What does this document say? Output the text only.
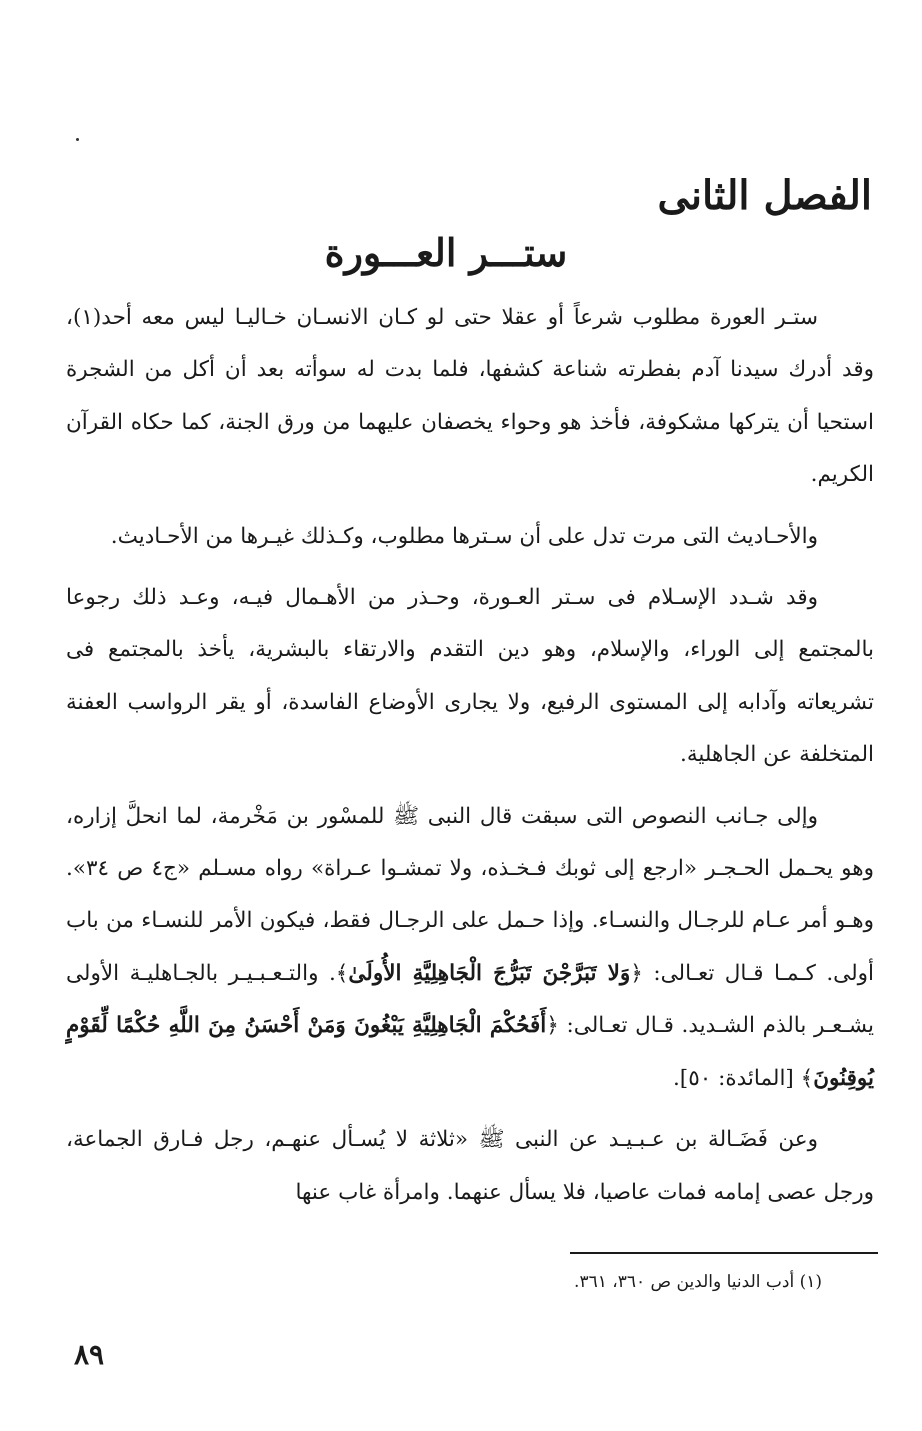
الفصل الثانى
ستـــر العـــورة

ستـر العورة مطلوب شرعاً أو عقلا حتى لو كـان الانسـان خـاليـا ليس معه أحد(١)، وقد أدرك سيدنا آدم بفطرته شناعة كشفها، فلما بدت له سوأته بعد أن أكل من الشجرة استحيا أن يتركها مشكوفة، فأخذ هو وحواء يخصفان عليهما من ورق الجنة، كما حكاه القرآن الكريم.

والأحـاديث التى مرت تدل على أن سـترها مطلوب، وكـذلك غيـرها من الأحـاديث.

وقد شـدد الإسـلام فى سـتر العـورة، وحـذر من الأهـمال فيـه، وعـد ذلك رجوعا بالمجتمع إلى الوراء، والإسلام، وهو دين التقدم والارتقاء بالبشرية، يأخذ بالمجتمع فى تشريعاته وآدابه إلى المستوى الرفيع، ولا يجارى الأوضاع الفاسدة، أو يقر الرواسب العفنة المتخلفة عن الجاهلية.

وإلى جـانب النصوص التى سبقت قال النبى ﷺ للمسْور بن مَخْرمة، لما انحلَّ إزاره، وهو يحـمل الحـجـر «ارجع إلى ثوبك فـخـذه، ولا تمشـوا عـراة» رواه مسـلم «ج٤ ص ٣٤». وهـو أمر عـام للرجـال والنسـاء. وإذا حـمل على الرجـال فقط، فيكون الأمر للنسـاء من باب أولى. كـمـا قـال تعـالى: ﴿وَلا تَبَرَّجْنَ تَبَرُّجَ الْجَاهِلِيَّةِ الأُولَىٰ﴾. والتـعـبـيـر بالجـاهليـة الأولى يشـعـر بالذم الشـديد. قـال تعـالى: ﴿أَفَحُكْمَ الْجَاهِلِيَّةِ يَبْغُونَ وَمَنْ أَحْسَنُ مِنَ اللَّهِ حُكْمًا لِّقَوْمٍ يُوقِنُونَ﴾ [المائدة: ٥٠].

وعن فَضَـالة بن عـبـيـد عن النبى ﷺ «ثلاثة لا يُسـأل عنهـم، رجل فـارق الجماعة، ورجل عصى إمامه فمات عاصيا، فلا يسأل عنهما. وامرأة غاب عنها

(١) أدب الدنيا والدين ص ٣٦٠، ٣٦١.

٨٩
